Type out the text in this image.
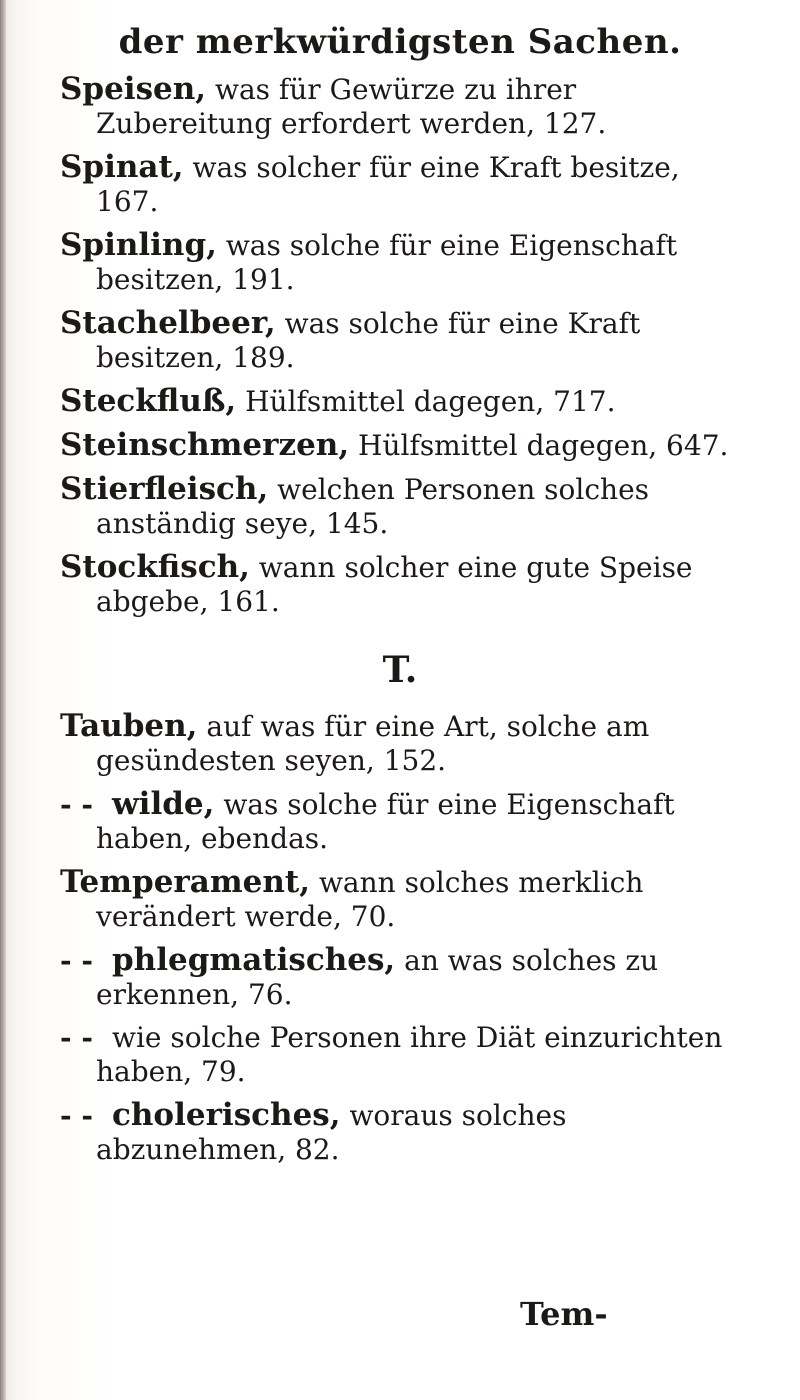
der merkwürdigsten Sachen.

Speisen, was für Gewürze zu ihrer Zubereitung erfordert werden, 127.

Spinat, was solcher für eine Kraft besitze, 167.

Spinling, was solche für eine Eigenschaft besitzen, 191.

Stachelbeer, was solche für eine Kraft besitzen, 189.

Steckfluß, Hülfsmittel dagegen, 717.

Steinschmerzen, Hülfsmittel dagegen, 647.

Stierfleisch, welchen Personen solches anständig seye, 145.

Stockfisch, wann solcher eine gute Speise abgebe, 161.

T.

Tauben, auf was für eine Art, solche am gesündesten seyen, 152.

- - wilde, was solche für eine Eigenschaft haben, ebendas.

Temperament, wann solches merklich verändert werde, 70.

- - phlegmatisches, an was solches zu erkennen, 76.

- - wie solche Personen ihre Diät einzurichten haben, 79.

- - cholerisches, woraus solches abzunehmen, 82.

Tem-
